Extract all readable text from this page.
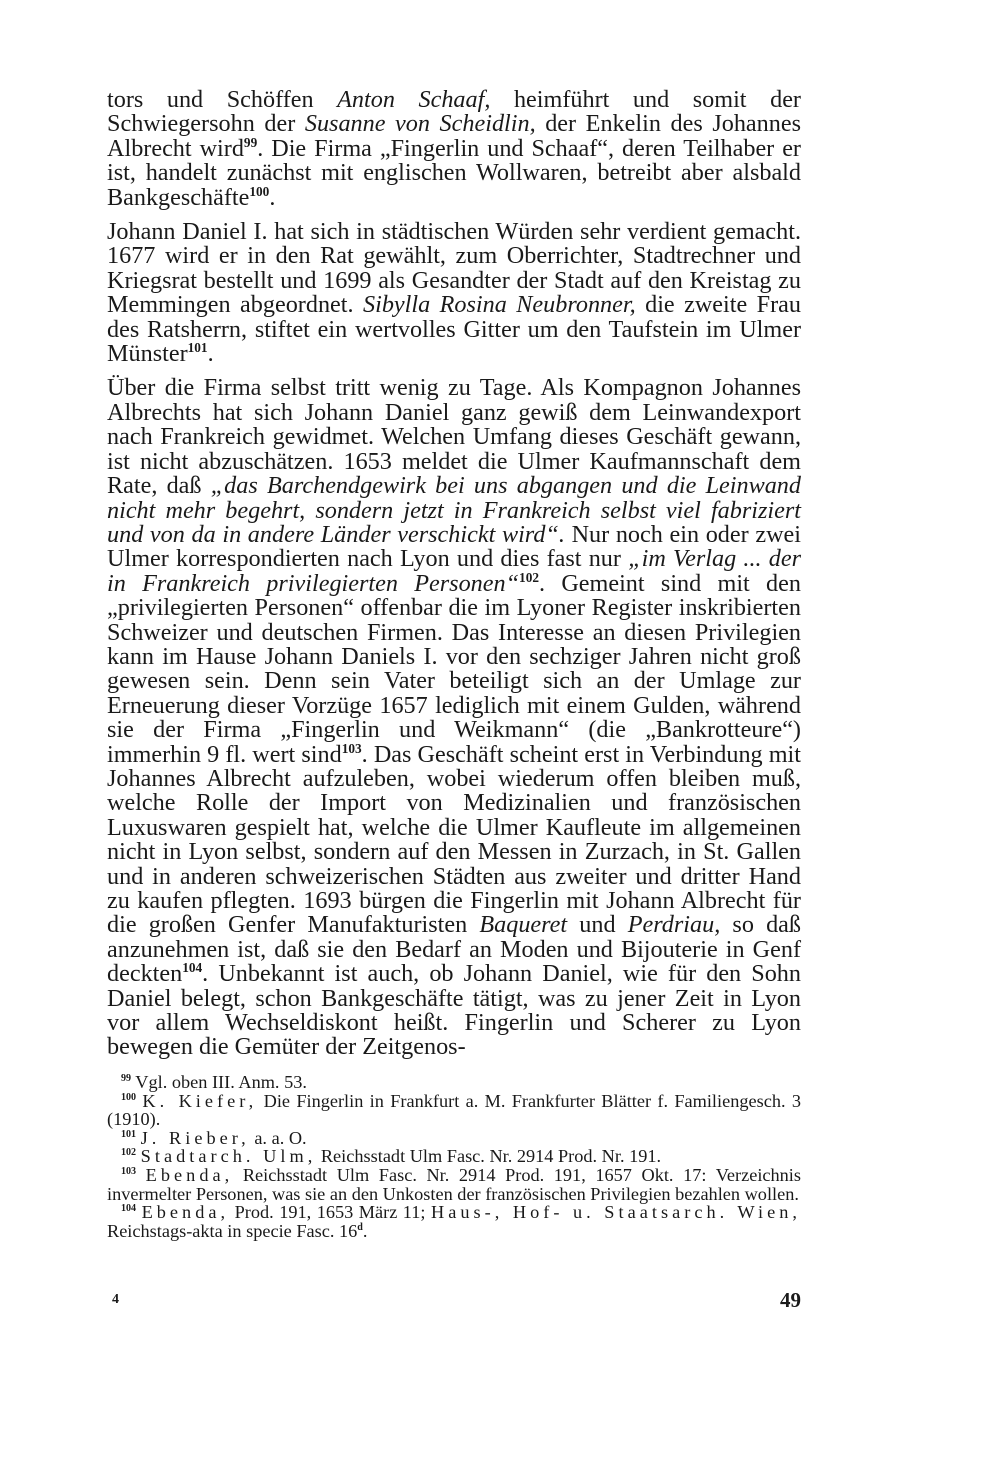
tors und Schöffen Anton Schaaf, heimführt und somit der Schwiegersohn der Susanne von Scheidlin, der Enkelin des Johannes Albrecht wird$^{99}$. Die Firma „Fingerlin und Schaaf“, deren Teilhaber er ist, handelt zunächst mit englischen Wollwaren, betreibt aber alsbald Bankgeschäfte$^{100}$.

Johann Daniel I. hat sich in städtischen Würden sehr verdient gemacht. 1677 wird er in den Rat gewählt, zum Oberrichter, Stadtrechner und Kriegsrat bestellt und 1699 als Gesandter der Stadt auf den Kreistag zu Memmingen abgeordnet. Sibylla Rosina Neubronner, die zweite Frau des Ratsherrn, stiftet ein wertvolles Gitter um den Taufstein im Ulmer Münster$^{101}$.

Über die Firma selbst tritt wenig zu Tage. Als Kompagnon Johannes Albrechts hat sich Johann Daniel ganz gewiß dem Leinwandexport nach Frankreich gewidmet. Welchen Umfang dieses Geschäft gewann, ist nicht abzuschätzen. 1653 meldet die Ulmer Kaufmannschaft dem Rate, daß „das Barchendgewirk bei uns abgangen und die Leinwand nicht mehr begehrt, sondern jetzt in Frankreich selbst viel fabriziert und von da in andere Länder verschickt wird“. Nur noch ein oder zwei Ulmer korrespondierten nach Lyon und dies fast nur „im Verlag ... der in Frankreich privilegierten Personen“$^{102}$. Gemeint sind mit den „privilegierten Personen“ offenbar die im Lyoner Register inskribierten Schweizer und deutschen Firmen. Das Interesse an diesen Privilegien kann im Hause Johann Daniels I. vor den sechziger Jahren nicht groß gewesen sein. Denn sein Vater beteiligt sich an der Umlage zur Erneuerung dieser Vorzüge 1657 lediglich mit einem Gulden, während sie der Firma „Fingerlin und Weikmann“ (die „Bankrotteure“) immerhin 9 fl. wert sind$^{103}$. Das Geschäft scheint erst in Verbindung mit Johannes Albrecht aufzuleben, wobei wiederum offen bleiben muß, welche Rolle der Import von Medizinalien und französischen Luxuswaren gespielt hat, welche die Ulmer Kaufleute im allgemeinen nicht in Lyon selbst, sondern auf den Messen in Zurzach, in St. Gallen und in anderen schweizerischen Städten aus zweiter und dritter Hand zu kaufen pflegten. 1693 bürgen die Fingerlin mit Johann Albrecht für die großen Genfer Manufakturisten Baqueret und Perdriau, so daß anzunehmen ist, daß sie den Bedarf an Moden und Bijouterie in Genf deckten$^{104}$. Unbekannt ist auch, ob Johann Daniel, wie für den Sohn Daniel belegt, schon Bankgeschäfte tätigt, was zu jener Zeit in Lyon vor allem Wechseldiskont heißt. Fingerlin und Scherer zu Lyon bewegen die Gemüter der Zeitgenos-

$^{99}$ Vgl. oben III. Anm. 53.

$^{100}$ K. Kiefer, Die Fingerlin in Frankfurt a. M. Frankfurter Blätter f. Familiengesch. 3 (1910).

$^{101}$ J. Rieber, a. a. O.

$^{102}$ Stadtarch. Ulm, Reichsstadt Ulm Fasc. Nr. 2914 Prod. Nr. 191.

$^{103}$ Ebenda, Reichsstadt Ulm Fasc. Nr. 2914 Prod. 191, 1657 Okt. 17: Verzeichnis invermelter Personen, was sie an den Unkosten der französischen Privilegien bezahlen wollen.

$^{104}$ Ebenda, Prod. 191, 1653 März 11; Haus-, Hof- u. Staatsarch. Wien, Reichstags-akta in specie Fasc. 16$^d$.

4	49
